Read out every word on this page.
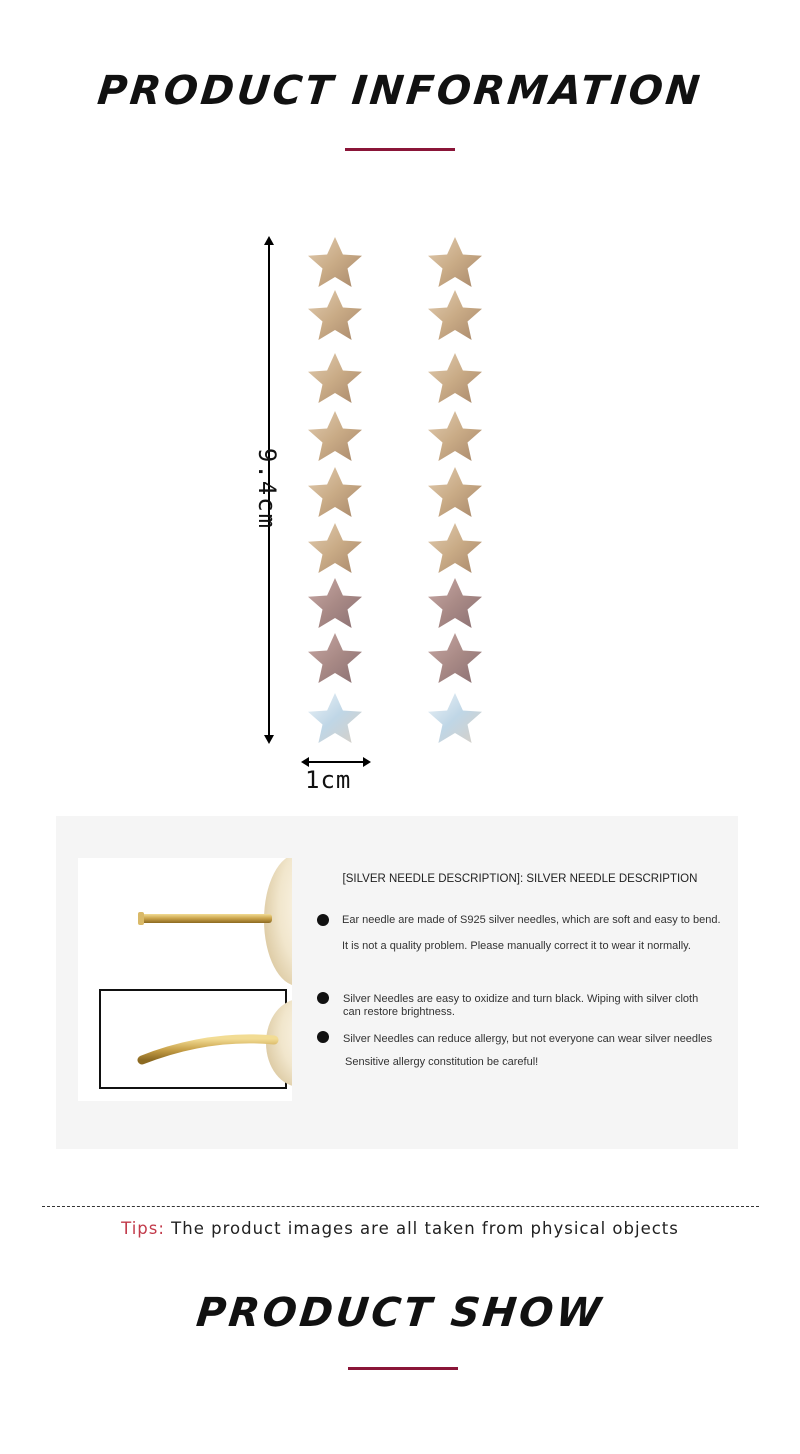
PRODUCT INFORMATION
9.4cm
1cm
[SILVER NEEDLE DESCRIPTION]: SILVER NEEDLE DESCRIPTION
Ear needle are made of S925 silver needles, which are soft and easy to bend.
It is not a quality problem. Please manually correct it to wear it normally.
Silver Needles are easy to oxidize and turn black. Wiping with silver cloth
can restore brightness.
Silver Needles can reduce allergy, but not everyone can wear silver needles
Sensitive allergy constitution be careful!
Tips: The product images are all taken from physical objects
PRODUCT SHOW
